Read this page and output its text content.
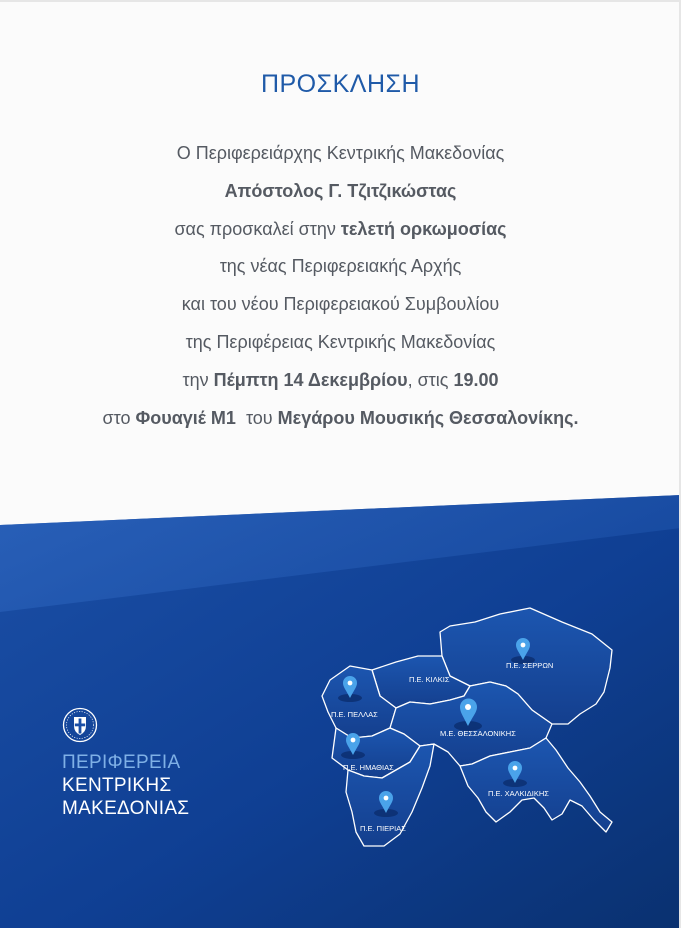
ΠΡΟΣΚΛΗΣΗ
Ο Περιφερειάρχης Κεντρικής Μακεδονίας
Απόστολος Γ. Τζιτζικώστας
σας προσκαλεί στην τελετή ορκωμοσίας
της νέας Περιφερειακής Αρχής
και του νέου Περιφερειακού Συμβουλίου
της Περιφέρειας Κεντρικής Μακεδονίας
την Πέμπτη 14 Δεκεμβρίου, στις 19.00
στο Φουαγιέ Μ1  του Μεγάρου Μουσικής Θεσσαλονίκης.
ΠΕΡΙΦΕΡΕΙΑ
ΚΕΝΤΡΙΚΗΣ
ΜΑΚΕΔΟΝΙΑΣ
Π.Ε. ΣΕΡΡΩΝ
Π.Ε. ΚΙΛΚΙΣ
Π.Ε. ΠΕΛΛΑΣ
Μ.Ε. ΘΕΣΣΑΛΟΝΙΚΗΣ
Π.Ε. ΗΜΑΘΙΑΣ
Π.Ε. ΧΑΛΚΙΔΙΚΗΣ
Π.Ε. ΠΙΕΡΙΑΣ
